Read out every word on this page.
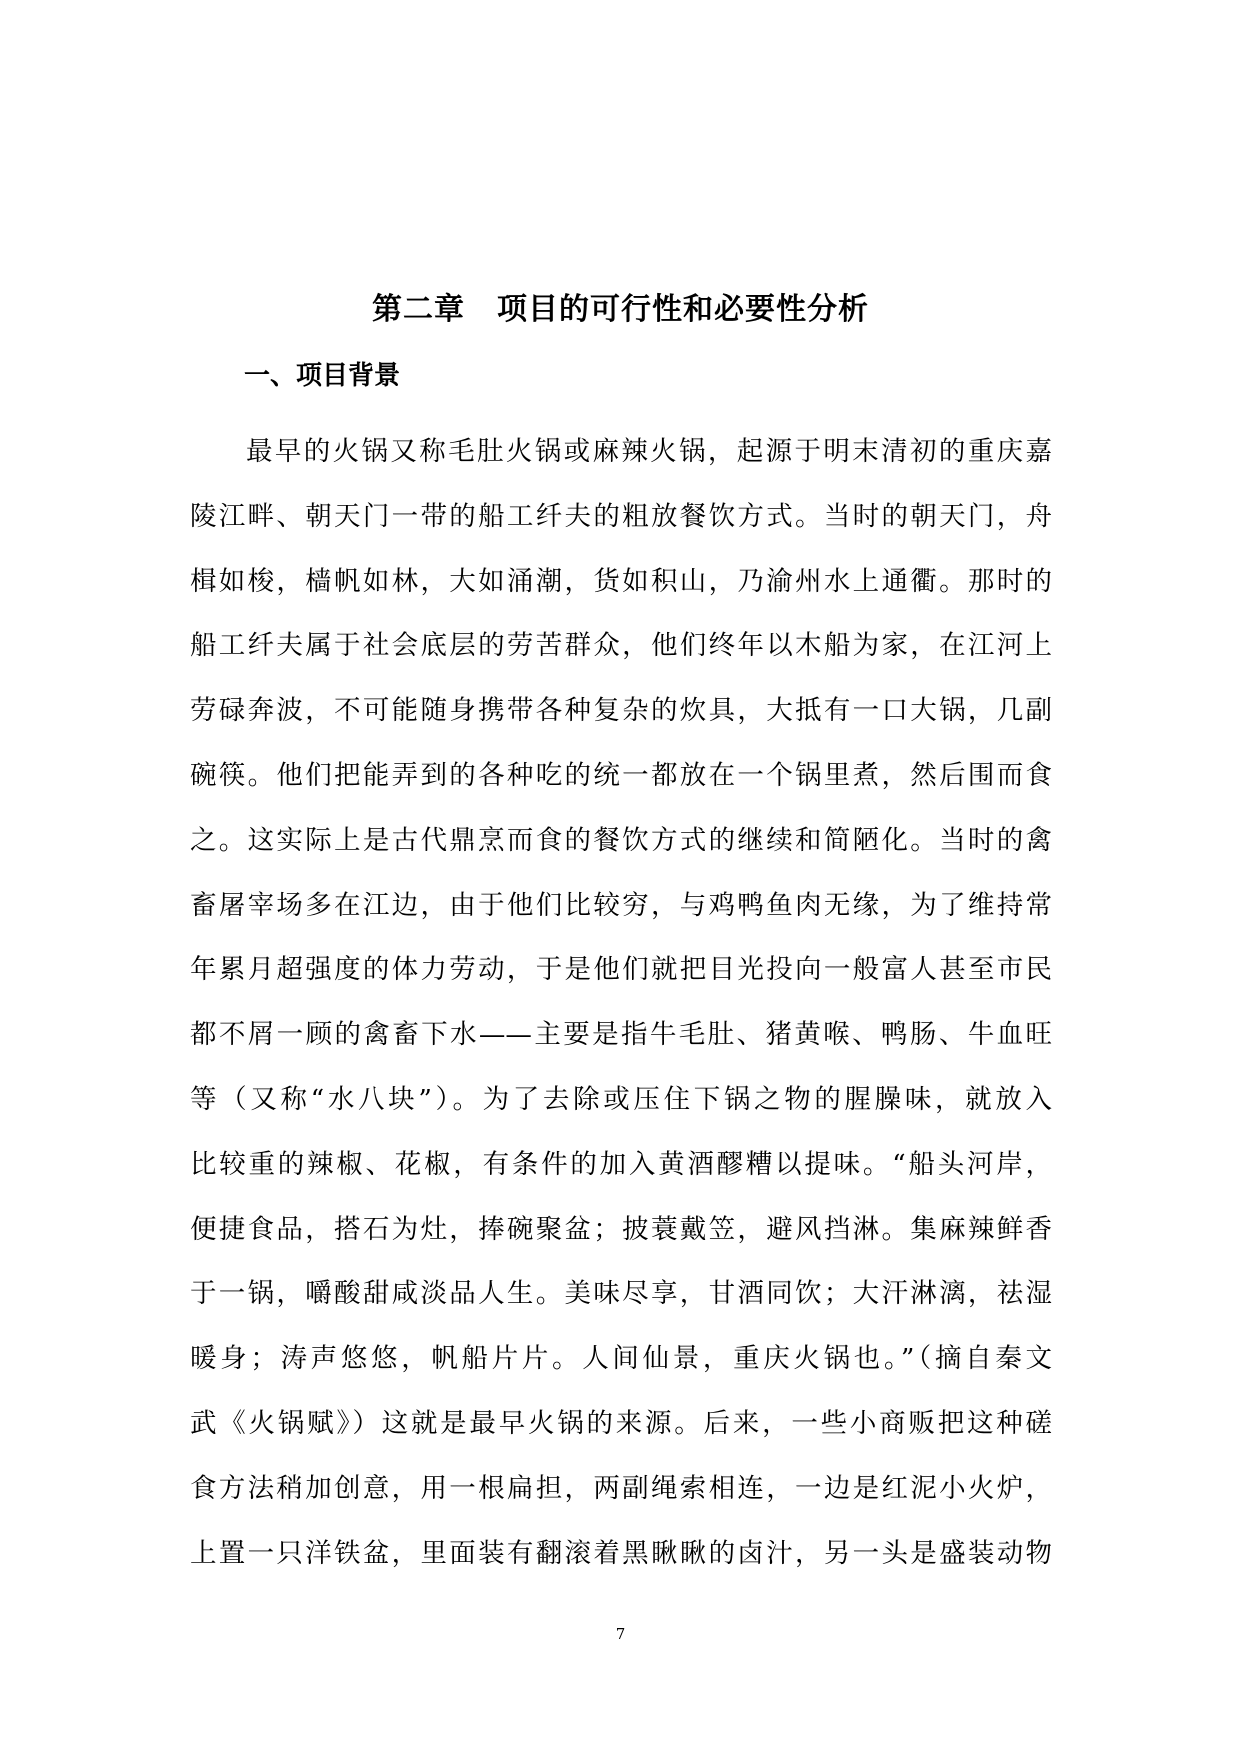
第二章 项目的可行性和必要性分析
一、项目背景
最早的火锅又称毛肚火锅或麻辣火锅，起源于明末清初的重庆嘉
陵江畔、朝天门一带的船工纤夫的粗放餐饮方式。当时的朝天门，舟
楫如梭，樯帆如林，大如涌潮，货如积山，乃渝州水上通衢。那时的
船工纤夫属于社会底层的劳苦群众，他们终年以木船为家，在江河上
劳碌奔波，不可能随身携带各种复杂的炊具，大抵有一口大锅，几副
碗筷。他们把能弄到的各种吃的统一都放在一个锅里煮，然后围而食
之。这实际上是古代鼎烹而食的餐饮方式的继续和简陋化。当时的禽
畜屠宰场多在江边，由于他们比较穷，与鸡鸭鱼肉无缘，为了维持常
年累月超强度的体力劳动，于是他们就把目光投向一般富人甚至市民
都不屑一顾的禽畜下水——主要是指牛毛肚、猪黄喉、鸭肠、牛血旺
等（又称“水八块”）。为了去除或压住下锅之物的腥臊味，就放入
比较重的辣椒、花椒，有条件的加入黄酒醪糟以提味。“船头河岸，
便捷食品，搭石为灶，捧碗聚盆；披蓑戴笠，避风挡淋。集麻辣鲜香
于一锅，嚼酸甜咸淡品人生。美味尽享，甘酒同饮；大汗淋漓，祛湿
暖身；涛声悠悠，帆船片片。人间仙景，重庆火锅也。”（摘自秦文
武《火锅赋》）这就是最早火锅的来源。后来，一些小商贩把这种磋
食方法稍加创意，用一根扁担，两副绳索相连，一边是红泥小火炉，
上置一只洋铁盆，里面装有翻滚着黑瞅瞅的卤汁，另一头是盛装动物
7
